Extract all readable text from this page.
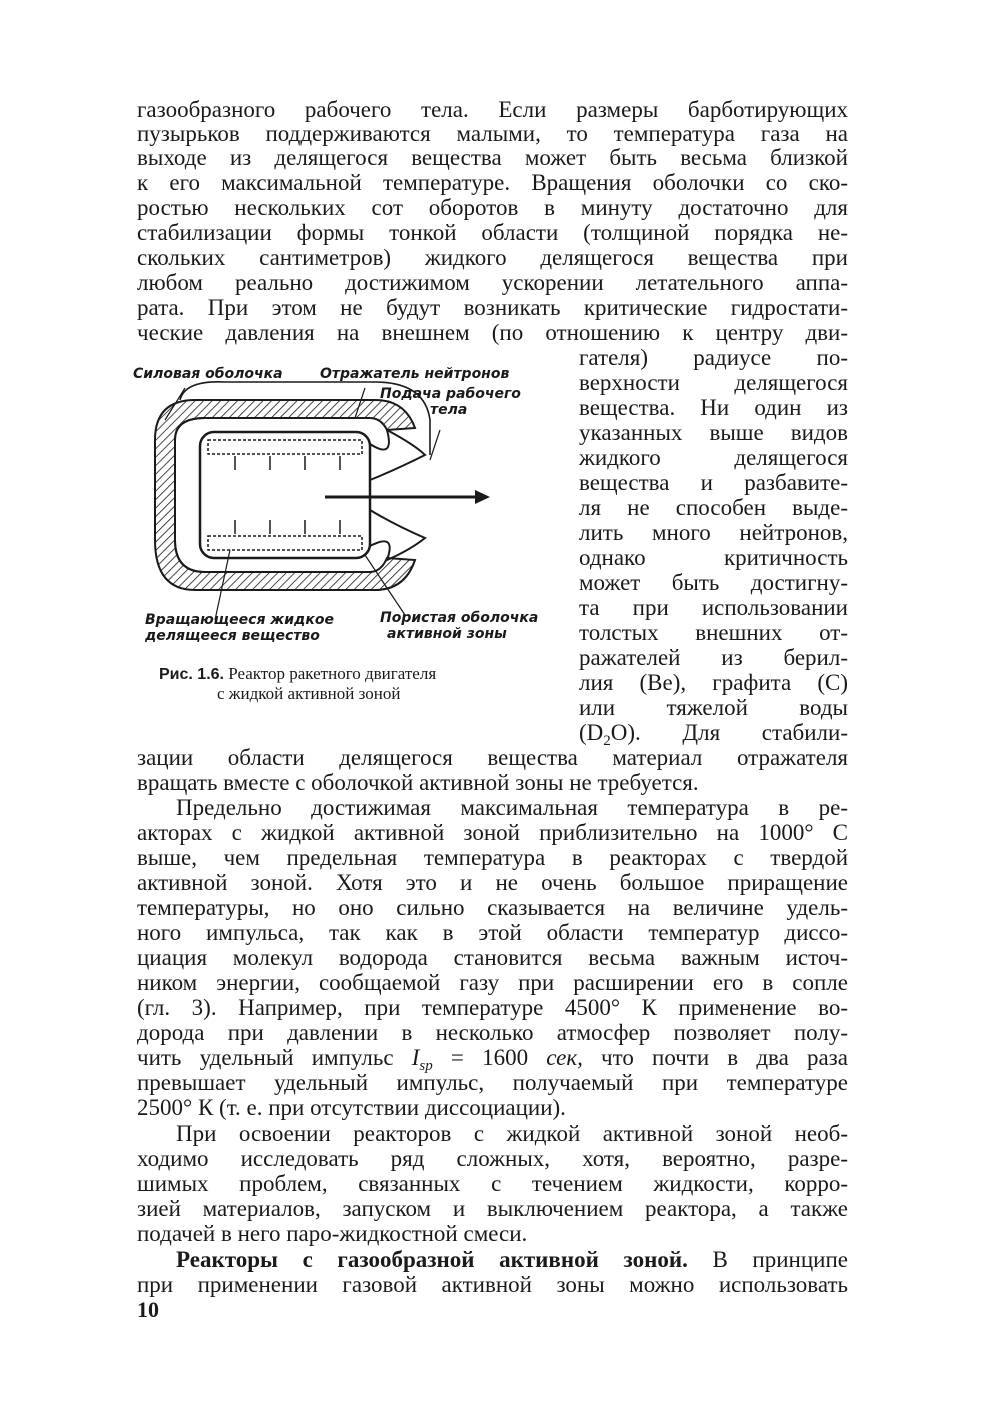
газообразного рабочего тела. Если размеры барботирующих

пузырьков поддерживаются малыми, то температура газа на

выходе из делящегося вещества может быть весьма близкой

к его максимальной температуре. Вращения оболочки со ско-

ростью нескольких сот оборотов в минуту достаточно для

стабилизации формы тонкой области (толщиной порядка не-

скольких сантиметров) жидкого делящегося вещества при

любом реально достижимом ускорении летательного аппа-

рата. При этом не будут возникать критические гидростати-

ческие давления на внешнем (по отношению к центру дви-

гателя) радиусе по-

верхности делящегося

вещества. Ни один из

указанных выше видов

жидкого делящегося

вещества и разбавите-

ля не способен выде-

лить много нейтронов,

однако критичность

может быть достигну-

та при использовании

толстых внешних от-

ражателей из берил-

лия (Ве), графита (С)

или тяжелой воды

$(D_2O)$. Для стабили-

Силовая оболочка	Отражатель нейтронов
Подача рабочего
тела
Вращающееся жидкое
делящееся вещество
Пористая оболочка
активной зоны
Рис. 1.6. Реактор ракетного двигателя
с жидкой активной зоной

зации области делящегося вещества материал отражателя

вращать вместе с оболочкой активной зоны не требуется.

Предельно достижимая максимальная температура в ре-

акторах с жидкой активной зоной приблизительно на 1000° С

выше, чем предельная температура в реакторах с твердой

активной зоной. Хотя это и не очень большое приращение

температуры, но оно сильно сказывается на величине удель-

ного импульса, так как в этой области температур диссо-

циация молекул водорода становится весьма важным источ-

ником энергии, сообщаемой газу при расширении его в сопле

(гл. 3). Например, при температуре 4500° К применение во-

дорода при давлении в несколько атмосфер позволяет полу-

чить удельный импульс $I_{sp} = 1600$ сек, что почти в два раза

превышает удельный импульс, получаемый при температуре

2500° К (т. е. при отсутствии диссоциации).

При освоении реакторов с жидкой активной зоной необ-

ходимо исследовать ряд сложных, хотя, вероятно, разре-

шимых проблем, связанных с течением жидкости, корро-

зией материалов, запуском и выключением реактора, а также

подачей в него паро-жидкостной смеси.

Реакторы с газообразной активной зоной. В принципе

при применении газовой активной зоны можно использовать

10
